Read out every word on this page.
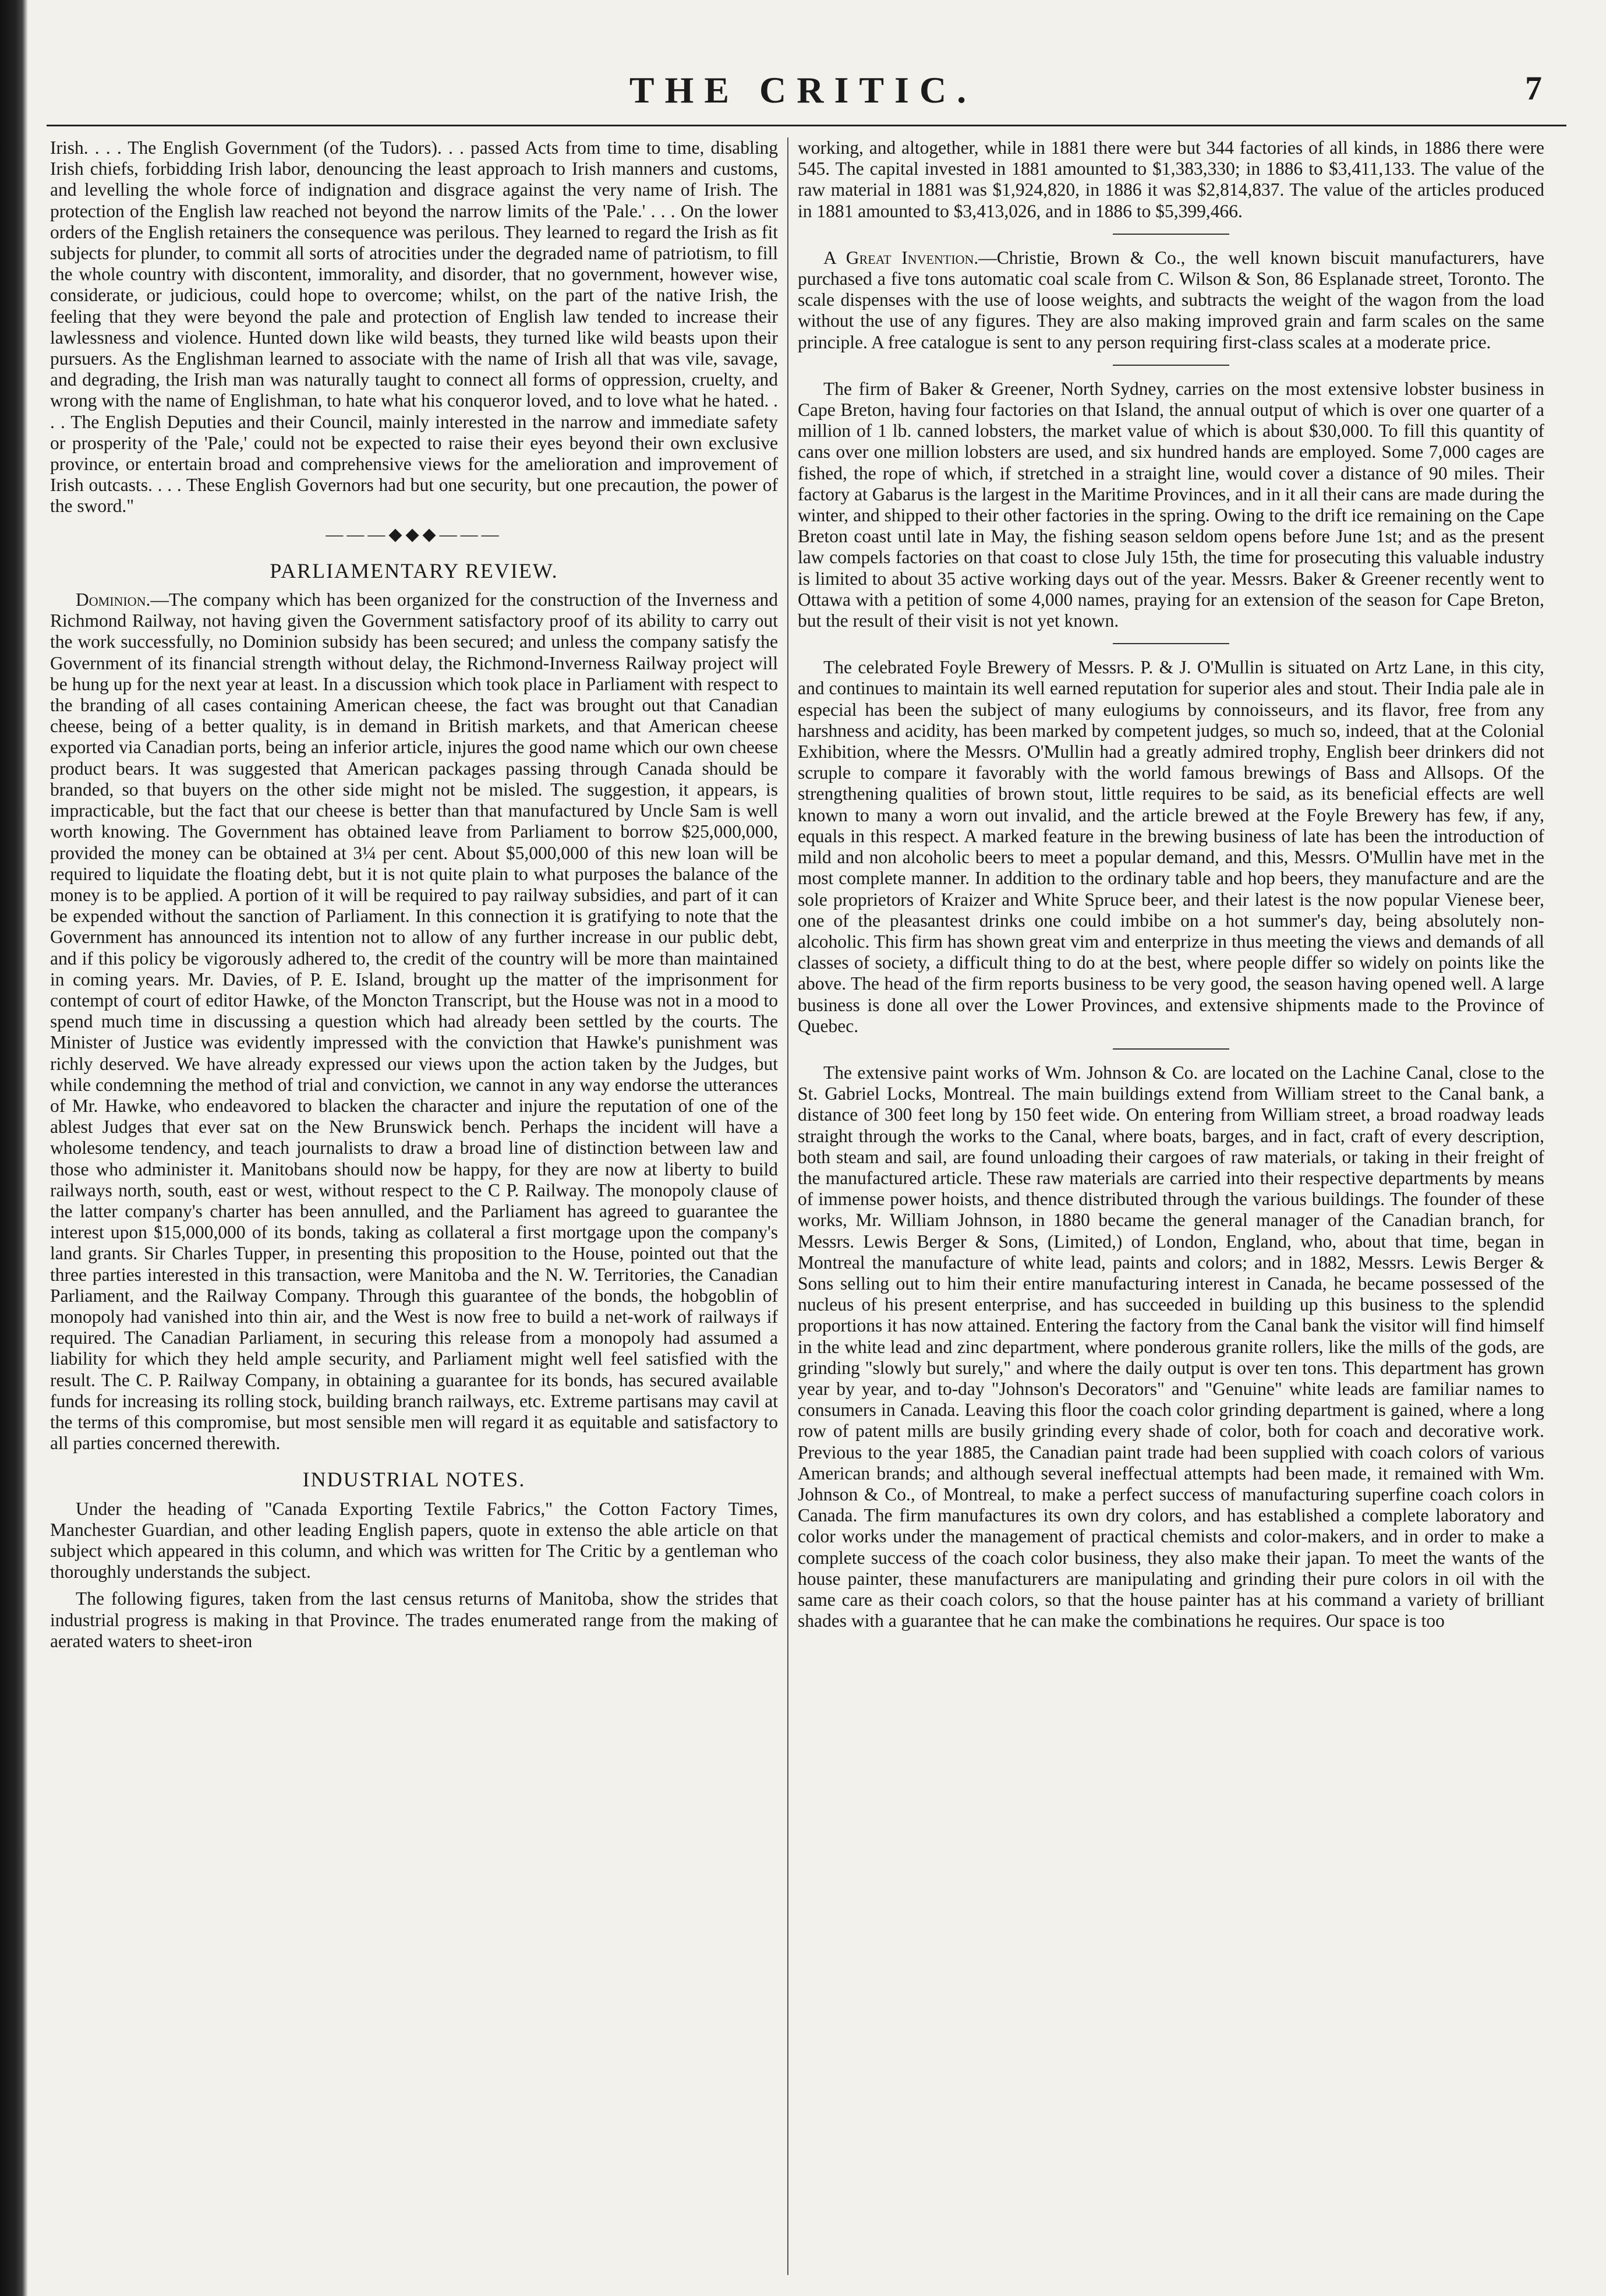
THE CRITIC.	7

Irish. . . . The English Government (of the Tudors). . . passed Acts from time to time, disabling Irish chiefs, forbidding Irish labor, denouncing the least approach to Irish manners and customs, and levelling the whole force of indignation and disgrace against the very name of Irish. The protection of the English law reached not beyond the narrow limits of the 'Pale.' . . . On the lower orders of the English retainers the consequence was perilous. They learned to regard the Irish as fit subjects for plunder, to commit all sorts of atrocities under the degraded name of patriotism, to fill the whole country with discontent, immorality, and disorder, that no government, however wise, considerate, or judicious, could hope to overcome; whilst, on the part of the native Irish, the feeling that they were beyond the pale and protection of English law tended to increase their lawlessness and violence. Hunted down like wild beasts, they turned like wild beasts upon their pursuers. As the Englishman learned to associate with the name of Irish all that was vile, savage, and degrading, the Irish man was naturally taught to connect all forms of oppression, cruelty, and wrong with the name of Englishman, to hate what his conqueror loved, and to love what he hated. . . . The English Deputies and their Council, mainly interested in the narrow and immediate safety or prosperity of the 'Pale,' could not be expected to raise their eyes beyond their own exclusive province, or entertain broad and comprehensive views for the amelioration and improvement of Irish outcasts. . . . These English Governors had but one security, but one precaution, the power of the sword."

———◆◆◆———
PARLIAMENTARY REVIEW.

Dominion.—The company which has been organized for the construction of the Inverness and Richmond Railway, not having given the Government satisfactory proof of its ability to carry out the work successfully, no Dominion subsidy has been secured; and unless the company satisfy the Government of its financial strength without delay, the Richmond-Inverness Railway project will be hung up for the next year at least. In a discussion which took place in Parliament with respect to the branding of all cases containing American cheese, the fact was brought out that Canadian cheese, being of a better quality, is in demand in British markets, and that American cheese exported via Canadian ports, being an inferior article, injures the good name which our own cheese product bears. It was suggested that American packages passing through Canada should be branded, so that buyers on the other side might not be misled. The suggestion, it appears, is impracticable, but the fact that our cheese is better than that manufactured by Uncle Sam is well worth knowing. The Government has obtained leave from Parliament to borrow $25,000,000, provided the money can be obtained at 3¼ per cent. About $5,000,000 of this new loan will be required to liquidate the floating debt, but it is not quite plain to what purposes the balance of the money is to be applied. A portion of it will be required to pay railway subsidies, and part of it can be expended without the sanction of Parliament. In this connection it is gratifying to note that the Government has announced its intention not to allow of any further increase in our public debt, and if this policy be vigorously adhered to, the credit of the country will be more than maintained in coming years. Mr. Davies, of P. E. Island, brought up the matter of the imprisonment for contempt of court of editor Hawke, of the Moncton Transcript, but the House was not in a mood to spend much time in discussing a question which had already been settled by the courts. The Minister of Justice was evidently impressed with the conviction that Hawke's punishment was richly deserved. We have already expressed our views upon the action taken by the Judges, but while condemning the method of trial and conviction, we cannot in any way endorse the utterances of Mr. Hawke, who endeavored to blacken the character and injure the reputation of one of the ablest Judges that ever sat on the New Brunswick bench. Perhaps the incident will have a wholesome tendency, and teach journalists to draw a broad line of distinction between law and those who administer it. Manitobans should now be happy, for they are now at liberty to build railways north, south, east or west, without respect to the C P. Railway. The monopoly clause of the latter company's charter has been annulled, and the Parliament has agreed to guarantee the interest upon $15,000,000 of its bonds, taking as collateral a first mortgage upon the company's land grants. Sir Charles Tupper, in presenting this proposition to the House, pointed out that the three parties interested in this transaction, were Manitoba and the N. W. Territories, the Canadian Parliament, and the Railway Company. Through this guarantee of the bonds, the hobgoblin of monopoly had vanished into thin air, and the West is now free to build a net-work of railways if required. The Canadian Parliament, in securing this release from a monopoly had assumed a liability for which they held ample security, and Parliament might well feel satisfied with the result. The C. P. Railway Company, in obtaining a guarantee for its bonds, has secured available funds for increasing its rolling stock, building branch railways, etc. Extreme partisans may cavil at the terms of this compromise, but most sensible men will regard it as equitable and satisfactory to all parties concerned therewith.

INDUSTRIAL NOTES.

Under the heading of "Canada Exporting Textile Fabrics," the Cotton Factory Times, Manchester Guardian, and other leading English papers, quote in extenso the able article on that subject which appeared in this column, and which was written for The Critic by a gentleman who thoroughly understands the subject.

The following figures, taken from the last census returns of Manitoba, show the strides that industrial progress is making in that Province. The trades enumerated range from the making of aerated waters to sheet-iron

working, and altogether, while in 1881 there were but 344 factories of all kinds, in 1886 there were 545. The capital invested in 1881 amounted to $1,383,330; in 1886 to $3,411,133. The value of the raw material in 1881 was $1,924,820, in 1886 it was $2,814,837. The value of the articles produced in 1881 amounted to $3,413,026, and in 1886 to $5,399,466.

A Great Invention.—Christie, Brown & Co., the well known biscuit manufacturers, have purchased a five tons automatic coal scale from C. Wilson & Son, 86 Esplanade street, Toronto. The scale dispenses with the use of loose weights, and subtracts the weight of the wagon from the load without the use of any figures. They are also making improved grain and farm scales on the same principle. A free catalogue is sent to any person requiring first-class scales at a moderate price.

The firm of Baker & Greener, North Sydney, carries on the most extensive lobster business in Cape Breton, having four factories on that Island, the annual output of which is over one quarter of a million of 1 lb. canned lobsters, the market value of which is about $30,000. To fill this quantity of cans over one million lobsters are used, and six hundred hands are employed. Some 7,000 cages are fished, the rope of which, if stretched in a straight line, would cover a distance of 90 miles. Their factory at Gabarus is the largest in the Maritime Provinces, and in it all their cans are made during the winter, and shipped to their other factories in the spring. Owing to the drift ice remaining on the Cape Breton coast until late in May, the fishing season seldom opens before June 1st; and as the present law compels factories on that coast to close July 15th, the time for prosecuting this valuable industry is limited to about 35 active working days out of the year. Messrs. Baker & Greener recently went to Ottawa with a petition of some 4,000 names, praying for an extension of the season for Cape Breton, but the result of their visit is not yet known.

The celebrated Foyle Brewery of Messrs. P. & J. O'Mullin is situated on Artz Lane, in this city, and continues to maintain its well earned reputation for superior ales and stout. Their India pale ale in especial has been the subject of many eulogiums by connoisseurs, and its flavor, free from any harshness and acidity, has been marked by competent judges, so much so, indeed, that at the Colonial Exhibition, where the Messrs. O'Mullin had a greatly admired trophy, English beer drinkers did not scruple to compare it favorably with the world famous brewings of Bass and Allsops. Of the strengthening qualities of brown stout, little requires to be said, as its beneficial effects are well known to many a worn out invalid, and the article brewed at the Foyle Brewery has few, if any, equals in this respect. A marked feature in the brewing business of late has been the introduction of mild and non alcoholic beers to meet a popular demand, and this, Messrs. O'Mullin have met in the most complete manner. In addition to the ordinary table and hop beers, they manufacture and are the sole proprietors of Kraizer and White Spruce beer, and their latest is the now popular Vienese beer, one of the pleasantest drinks one could imbibe on a hot summer's day, being absolutely non-alcoholic. This firm has shown great vim and enterprize in thus meeting the views and demands of all classes of society, a difficult thing to do at the best, where people differ so widely on points like the above. The head of the firm reports business to be very good, the season having opened well. A large business is done all over the Lower Provinces, and extensive shipments made to the Province of Quebec.

The extensive paint works of Wm. Johnson & Co. are located on the Lachine Canal, close to the St. Gabriel Locks, Montreal. The main buildings extend from William street to the Canal bank, a distance of 300 feet long by 150 feet wide. On entering from William street, a broad roadway leads straight through the works to the Canal, where boats, barges, and in fact, craft of every description, both steam and sail, are found unloading their cargoes of raw materials, or taking in their freight of the manufactured article. These raw materials are carried into their respective departments by means of immense power hoists, and thence distributed through the various buildings. The founder of these works, Mr. William Johnson, in 1880 became the general manager of the Canadian branch, for Messrs. Lewis Berger & Sons, (Limited,) of London, England, who, about that time, began in Montreal the manufacture of white lead, paints and colors; and in 1882, Messrs. Lewis Berger & Sons selling out to him their entire manufacturing interest in Canada, he became possessed of the nucleus of his present enterprise, and has succeeded in building up this business to the splendid proportions it has now attained. Entering the factory from the Canal bank the visitor will find himself in the white lead and zinc department, where ponderous granite rollers, like the mills of the gods, are grinding "slowly but surely," and where the daily output is over ten tons. This department has grown year by year, and to-day "Johnson's Decorators" and "Genuine" white leads are familiar names to consumers in Canada. Leaving this floor the coach color grinding department is gained, where a long row of patent mills are busily grinding every shade of color, both for coach and decorative work. Previous to the year 1885, the Canadian paint trade had been supplied with coach colors of various American brands; and although several ineffectual attempts had been made, it remained with Wm. Johnson & Co., of Montreal, to make a perfect success of manufacturing superfine coach colors in Canada. The firm manufactures its own dry colors, and has established a complete laboratory and color works under the management of practical chemists and color-makers, and in order to make a complete success of the coach color business, they also make their japan. To meet the wants of the house painter, these manufacturers are manipulating and grinding their pure colors in oil with the same care as their coach colors, so that the house painter has at his command a variety of brilliant shades with a guarantee that he can make the combinations he requires. Our space is too
